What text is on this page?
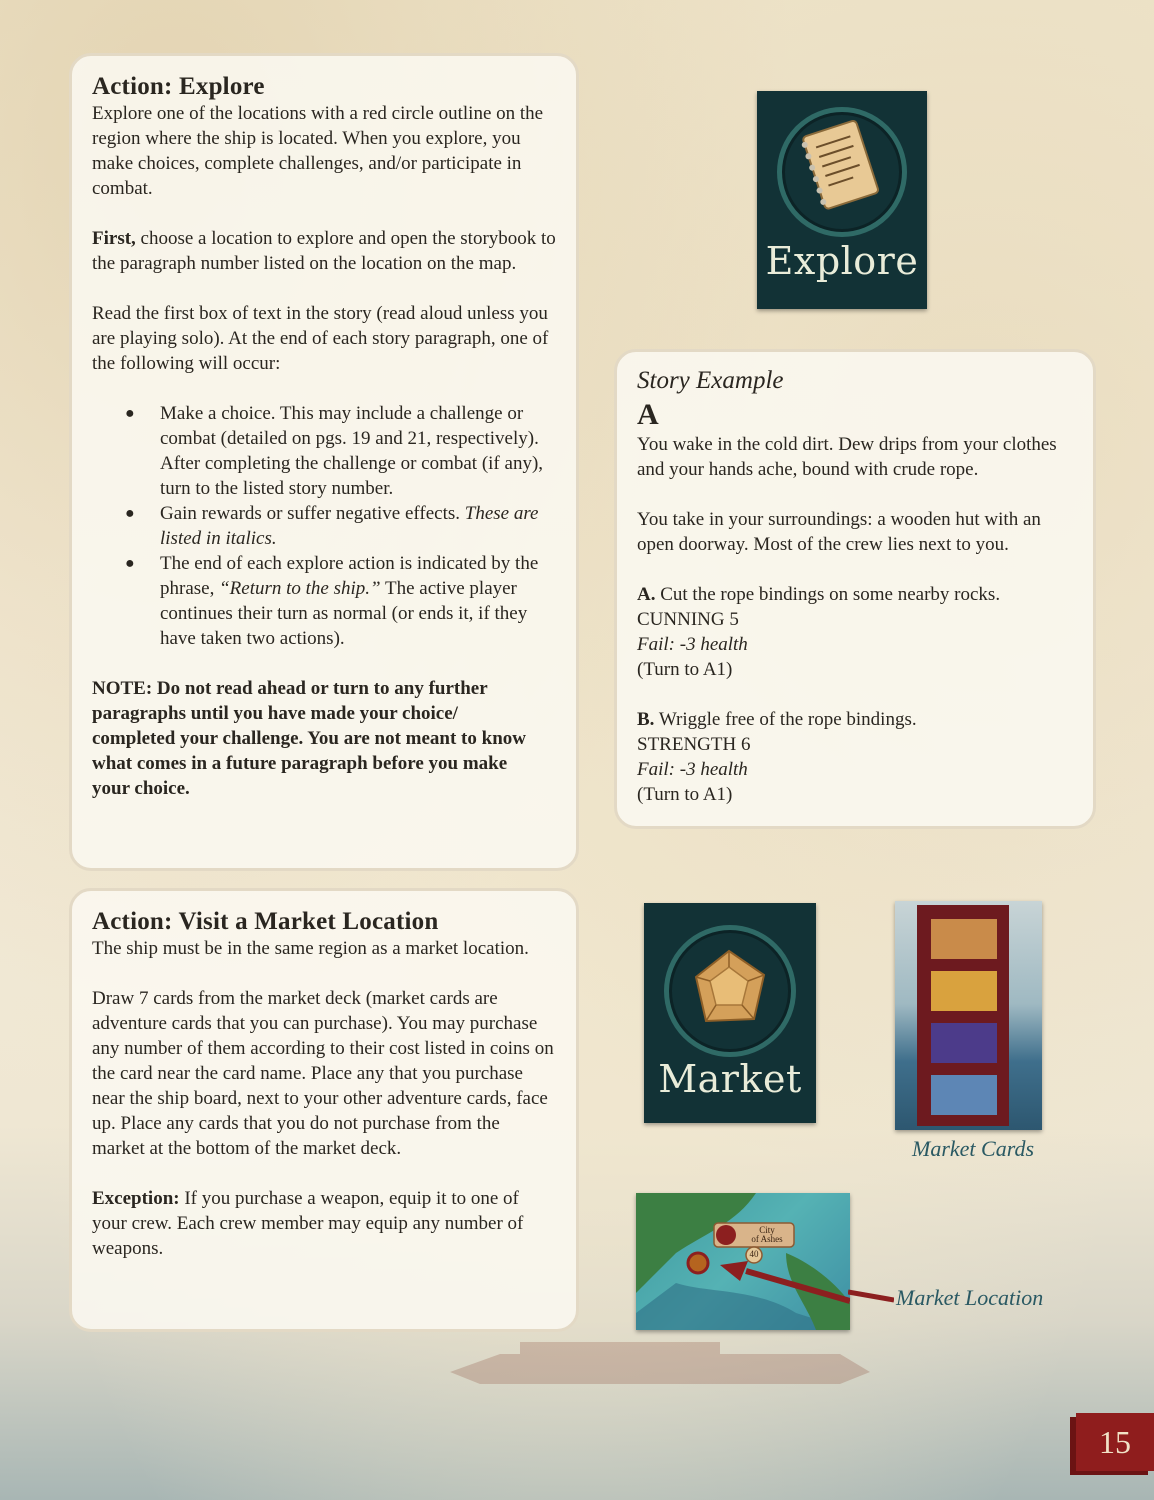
Action: Explore

Explore one of the locations with a red circle outline on the region where the ship is located. When you explore, you make choices, complete challenges, and/or participate in combat.

First, choose a location to explore and open the storybook to the paragraph number listed on the location on the map.

Read the first box of text in the story (read aloud unless you are playing solo). At the end of each story paragraph, one of the following will occur:

● Make a choice. This may include a challenge or combat (detailed on pgs. 19 and 21, respectively). After completing the challenge or combat (if any), turn to the listed story number.
● Gain rewards or suffer negative effects. These are listed in italics.
● The end of each explore action is indicated by the phrase, “Return to the ship.” The active player continues their turn as normal (or ends it, if they have taken two actions).

NOTE: Do not read ahead or turn to any further paragraphs until you have made your choice/ completed your challenge. You are not meant to know what comes in a future paragraph before you make your choice.

Explore
Story Example
A

You wake in the cold dirt. Dew drips from your clothes and your hands ache, bound with crude rope.

You take in your surroundings: a wooden hut with an open doorway. Most of the crew lies next to you.

A. Cut the rope bindings on some nearby rocks.

CUNNING 5

Fail: -3 health

(Turn to A1)

B. Wriggle free of the rope bindings.

STRENGTH 6

Fail: -3 health

(Turn to A1)

Action: Visit a Market Location

The ship must be in the same region as a market location.

Draw 7 cards from the market deck (market cards are adventure cards that you can purchase). You may purchase any number of them according to their cost listed in coins on the card near the card name. Place any that you purchase near the ship board, next to your other adventure cards, face up. Place any cards that you do not purchase from the market at the bottom of the market deck.

Exception: If you purchase a weapon, equip it to one of your crew. Each crew member may equip any number of weapons.

Market
Market Cards
City
of Ashes
40
Market Location
15
